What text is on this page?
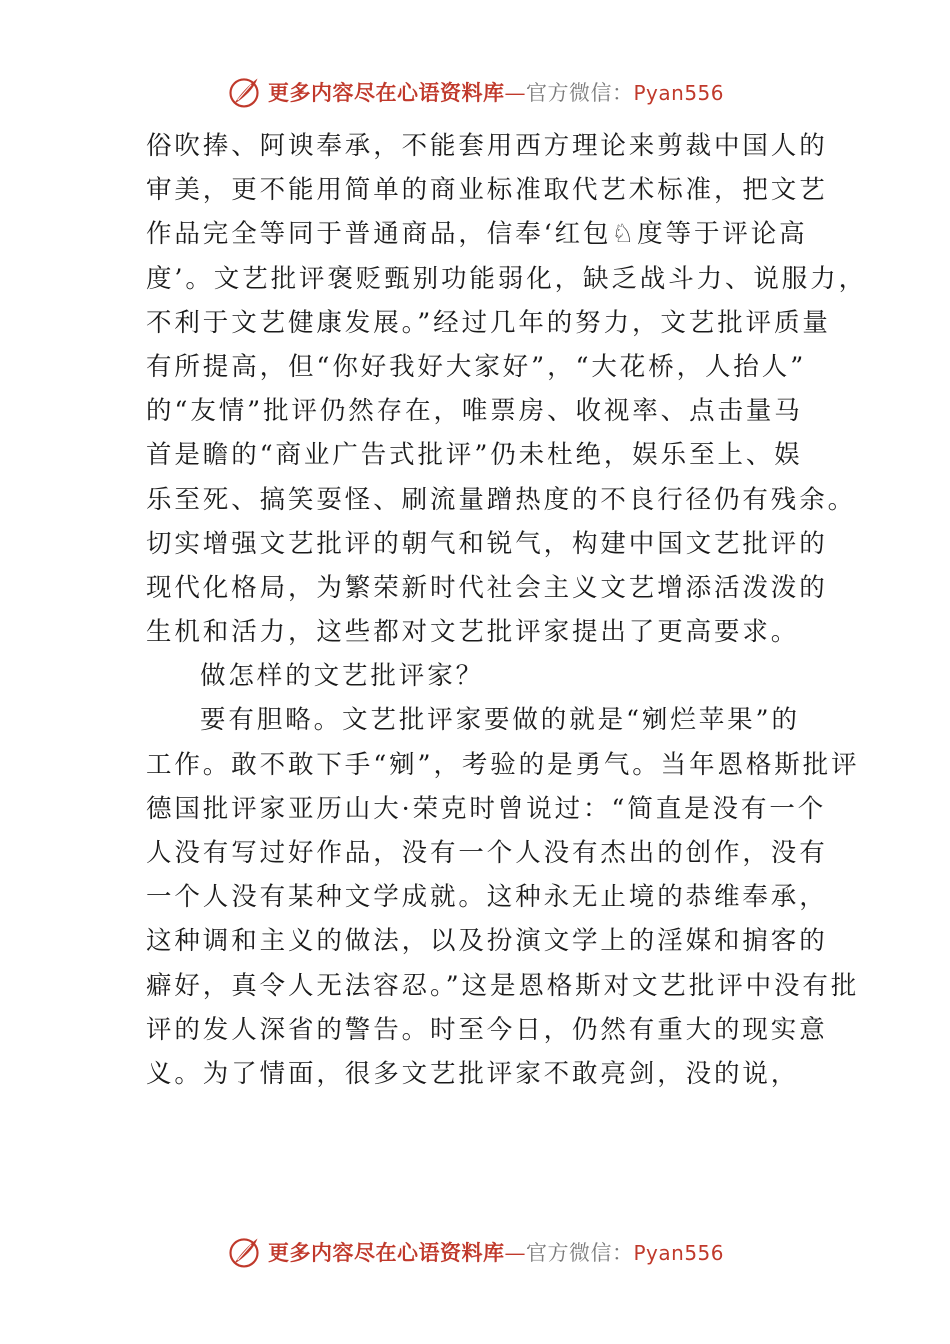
更多内容尽在心语资料库—官方微信：Pyan556
俗吹捧、阿谀奉承，不能套用西方理论来剪裁中国人的
审美，更不能用简单的商业标准取代艺术标准，把文艺
作品完全等同于普通商品，信奉‘红包♘度等于评论高
度’。文艺批评褒贬甄别功能弱化，缺乏战斗力、说服力，
不利于文艺健康发展。”经过几年的努力，文艺批评质量
有所提高，但“你好我好大家好”，“大花桥，人抬人”
的“友情”批评仍然存在，唯票房、收视率、点击量马
首是瞻的“商业广告式批评”仍未杜绝，娱乐至上、娱
乐至死、搞笑耍怪、刷流量蹭热度的不良行径仍有残余。
切实增强文艺批评的朝气和锐气，构建中国文艺批评的
现代化格局，为繁荣新时代社会主义文艺增添活泼泼的
生机和活力，这些都对文艺批评家提出了更高要求。
做怎样的文艺批评家？
要有胆略。文艺批评家要做的就是“剜烂苹果”的
工作。敢不敢下手“剜”，考验的是勇气。当年恩格斯批评
德国批评家亚历山大·荣克时曾说过：“简直是没有一个
人没有写过好作品，没有一个人没有杰出的创作，没有
一个人没有某种文学成就。这种永无止境的恭维奉承，
这种调和主义的做法，以及扮演文学上的淫媒和掮客的
癖好，真令人无法容忍。”这是恩格斯对文艺批评中没有批
评的发人深省的警告。时至今日，仍然有重大的现实意
义。为了情面，很多文艺批评家不敢亮剑，没的说，
更多内容尽在心语资料库—官方微信：Pyan556
